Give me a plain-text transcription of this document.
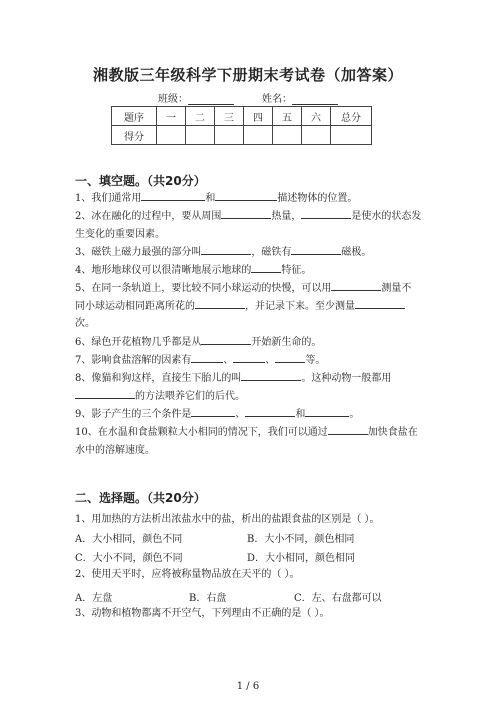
湘教版三年级科学下册期末考试卷（加答案）
班级：	姓名：
题序	一	二	三	四	五	六	总分
得分							
一、填空题。（共20分）
1、我们通常用	和	描述物体的位置。
2、冰在融化的过程中，要从周围	热量，	是使水的状态发
生变化的重要因素。
3、磁铁上磁力最强的部分叫	，磁铁有	磁极。
4、地形地球仪可以很清晰地展示地球的	特征。
5、在同一条轨道上，要比较不同小球运动的快慢，可以用	测量不
同小球运动相同距离所花的	，并记录下来。至少测量
次。
6、绿色开花植物几乎都是从	开始新生命的。
7、影响食盐溶解的因素有	、	、	等。
8、像猫和狗这样，直接生下胎儿的叫	。这种动物一般都用
的方法喂养它们的后代。
9、影子产生的三个条件是	、	和	。
10、在水温和食盐颗粒大小相同的情况下，我们可以通过	加快食盐在
水中的溶解速度。
二、选择题。（共20分）
1、用加热的方法析出浓盐水中的盐，析出的盐跟食盐的区别是（ ）。
A．大小相同，颜色不同	B．大小不同，颜色相同
C．大小不同，颜色不同	D．大小相同，颜色相同
2、使用天平时，应将被称量物品放在天平的（ ）。
A．左盘	B．右盘	C．左、右盘都可以
3、动物和植物都离不开空气，下列理由不正确的是（ ）。
1 / 6
